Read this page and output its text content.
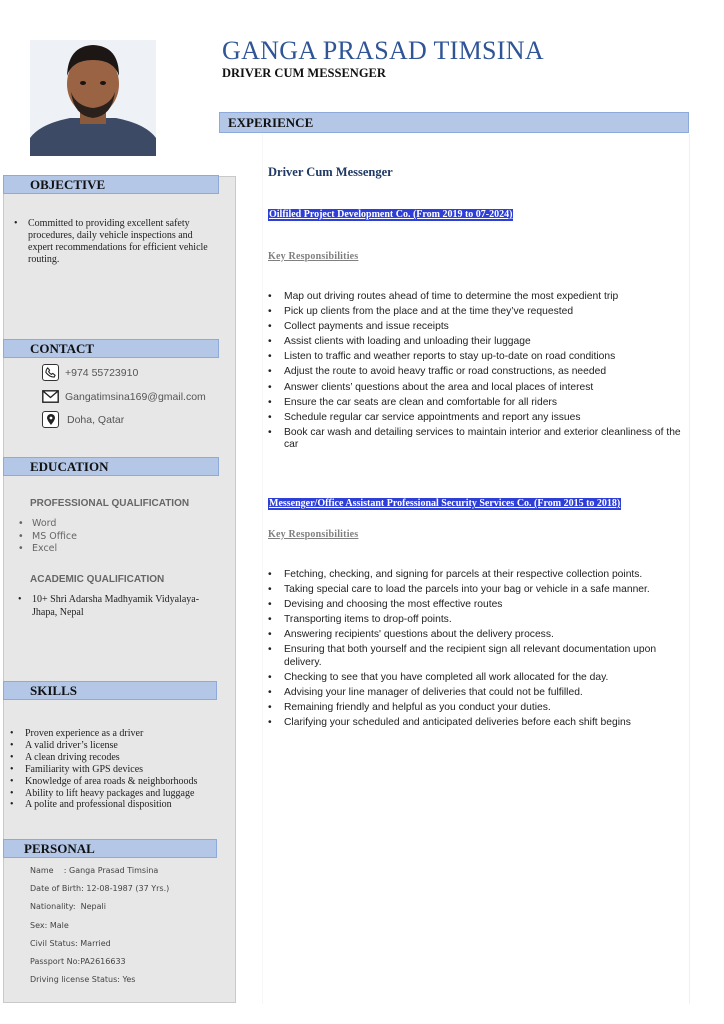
GANGA PRASAD TIMSINA
DRIVER CUM MESSENGER
OBJECTIVE
• Committed to providing excellent safety procedures, daily vehicle inspections and expert recommendations for efficient vehicle routing.
CONTACT
+974 55723910
Gangatimsina169@gmail.com
Doha, Qatar
EDUCATION
PROFESSIONAL QUALIFICATION
• Word
• MS Office
• Excel
ACADEMIC QUALIFICATION
• 10+ Shri Adarsha Madhyamik Vidyalaya-Jhapa, Nepal
SKILLS
• Proven experience as a driver
• A valid driver’s license
• A clean driving recodes
• Familiarity with GPS devices
• Knowledge of area roads & neighborhoods
• Ability to lift heavy packages and luggage
• A polite and professional disposition
PERSONAL
Name    : Ganga Prasad Timsina
Date of Birth: 12-08-1987 (37 Yrs.)
Nationality:  Nepali
Sex: Male
Civil Status: Married
Passport No:PA2616633
Driving license Status: Yes
EXPERIENCE
Driver Cum Messenger
Oilfiled Project Development Co. (From 2019 to 07-2024)
Key Responsibilities
• Map out driving routes ahead of time to determine the most expedient trip
• Pick up clients from the place and at the time they’ve requested
• Collect payments and issue receipts
• Assist clients with loading and unloading their luggage
• Listen to traffic and weather reports to stay up-to-date on road conditions
• Adjust the route to avoid heavy traffic or road constructions, as needed
• Answer clients’ questions about the area and local places of interest
• Ensure the car seats are clean and comfortable for all riders
• Schedule regular car service appointments and report any issues
• Book car wash and detailing services to maintain interior and exterior cleanliness of the car
Messenger/Office Assistant Professional Security Services Co. (From 2015 to 2018)
Key Responsibilities
• Fetching, checking, and signing for parcels at their respective collection points.
• Taking special care to load the parcels into your bag or vehicle in a safe manner.
• Devising and choosing the most effective routes
• Transporting items to drop-off points.
• Answering recipients' questions about the delivery process.
• Ensuring that both yourself and the recipient sign all relevant documentation upon delivery.
• Checking to see that you have completed all work allocated for the day.
• Advising your line manager of deliveries that could not be fulfilled.
• Remaining friendly and helpful as you conduct your duties.
• Clarifying your scheduled and anticipated deliveries before each shift begins
